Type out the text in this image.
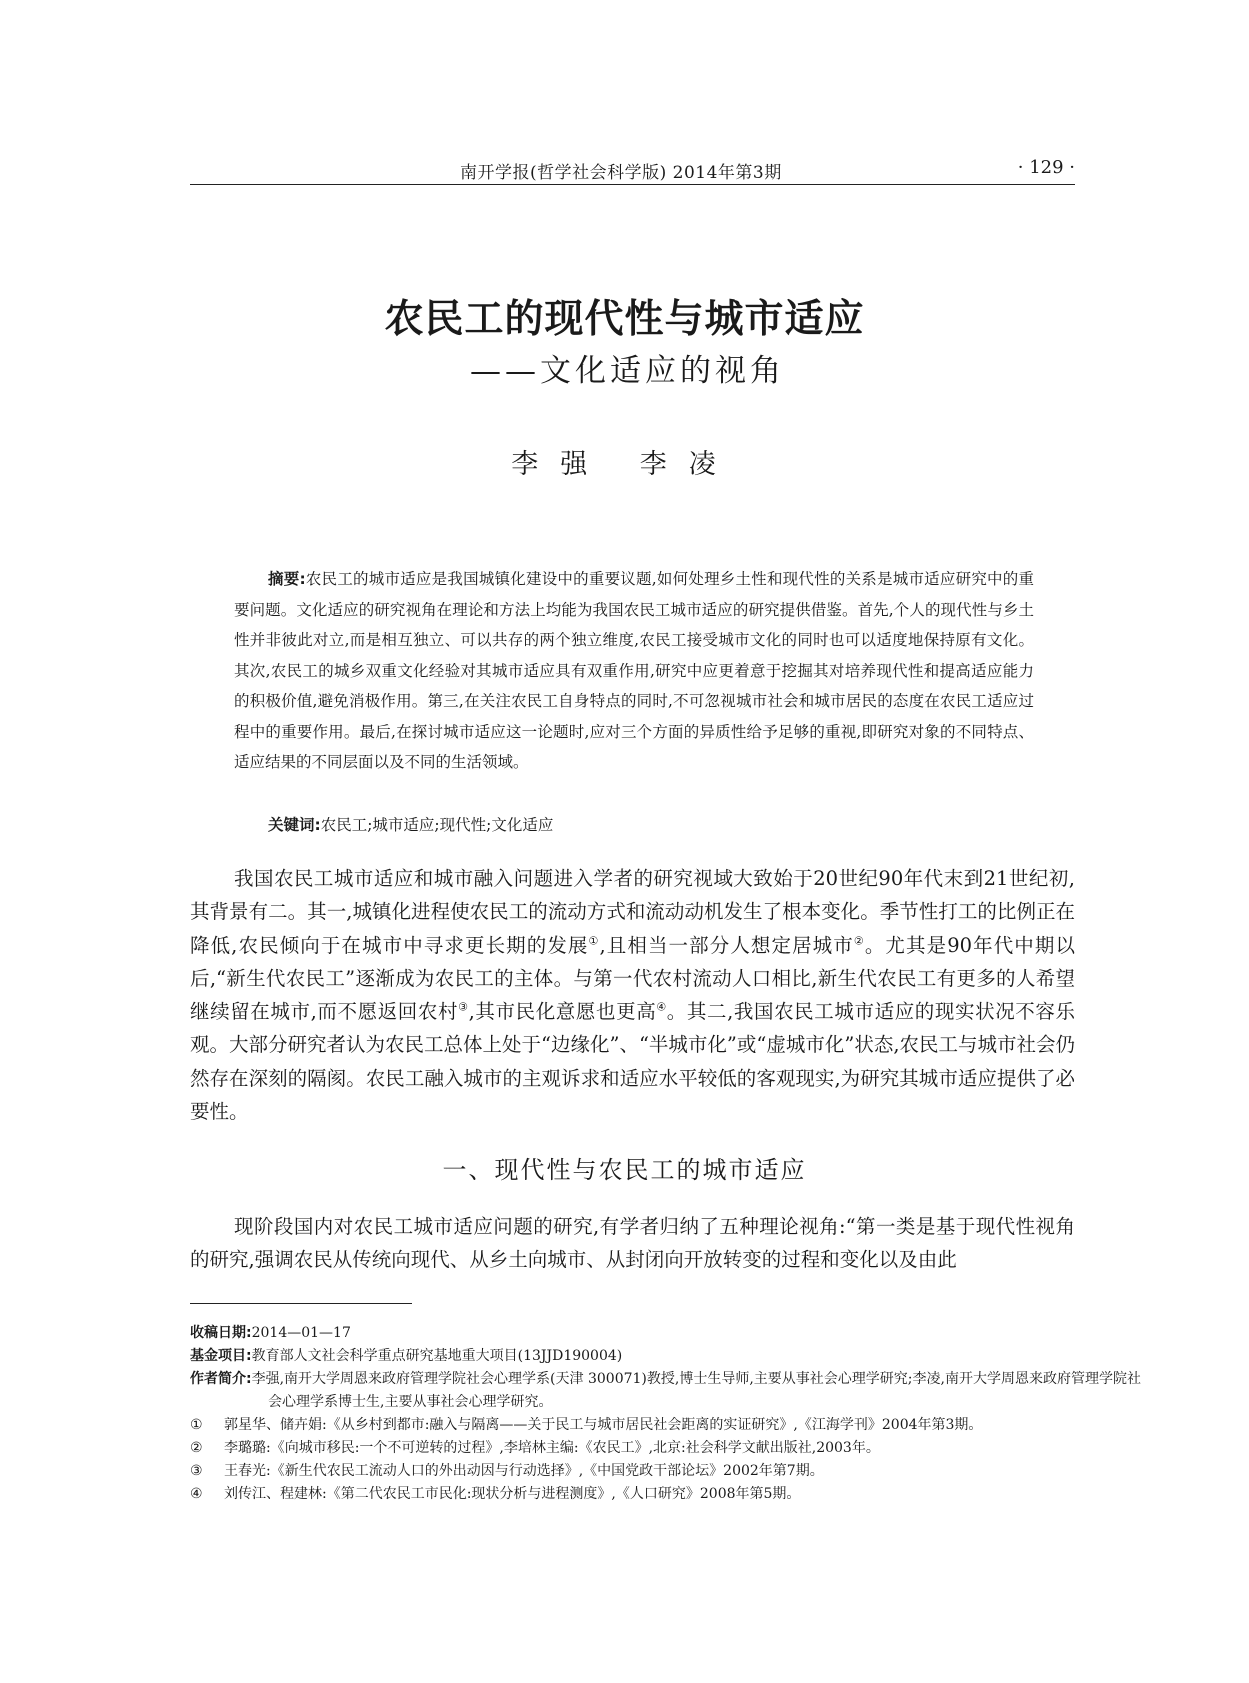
南开学报(哲学社会科学版) 2014年第3期	· 129 ·
农民工的现代性与城市适应
——文化适应的视角
李强 李凌

摘要:农民工的城市适应是我国城镇化建设中的重要议题,如何处理乡土性和现代性的关系是城市适应研究中的重要问题。文化适应的研究视角在理论和方法上均能为我国农民工城市适应的研究提供借鉴。首先,个人的现代性与乡土性并非彼此对立,而是相互独立、可以共存的两个独立维度,农民工接受城市文化的同时也可以适度地保持原有文化。其次,农民工的城乡双重文化经验对其城市适应具有双重作用,研究中应更着意于挖掘其对培养现代性和提高适应能力的积极价值,避免消极作用。第三,在关注农民工自身特点的同时,不可忽视城市社会和城市居民的态度在农民工适应过程中的重要作用。最后,在探讨城市适应这一论题时,应对三个方面的异质性给予足够的重视,即研究对象的不同特点、适应结果的不同层面以及不同的生活领域。

关键词:农民工;城市适应;现代性;文化适应

我国农民工城市适应和城市融入问题进入学者的研究视域大致始于20世纪90年代末到21世纪初,其背景有二。其一,城镇化进程使农民工的流动方式和流动动机发生了根本变化。季节性打工的比例正在降低,农民倾向于在城市中寻求更长期的发展①,且相当一部分人想定居城市②。尤其是90年代中期以后,“新生代农民工”逐渐成为农民工的主体。与第一代农村流动人口相比,新生代农民工有更多的人希望继续留在城市,而不愿返回农村③,其市民化意愿也更高④。其二,我国农民工城市适应的现实状况不容乐观。大部分研究者认为农民工总体上处于“边缘化”、“半城市化”或“虚城市化”状态,农民工与城市社会仍然存在深刻的隔阂。农民工融入城市的主观诉求和适应水平较低的客观现实,为研究其城市适应提供了必要性。

一、现代性与农民工的城市适应

现阶段国内对农民工城市适应问题的研究,有学者归纳了五种理论视角:“第一类是基于现代性视角的研究,强调农民从传统向现代、从乡土向城市、从封闭向开放转变的过程和变化以及由此

收稿日期:2014—01—17
基金项目:教育部人文社会科学重点研究基地重大项目(13JJD190004)
作者简介:李强,南开大学周恩来政府管理学院社会心理学系(天津 300071)教授,博士生导师,主要从事社会心理学研究;李凌,南开大学周恩来政府管理学院社会心理学系博士生,主要从事社会心理学研究。
① 郭星华、储卉娟:《从乡村到都市:融入与隔离——关于民工与城市居民社会距离的实证研究》,《江海学刊》2004年第3期。
② 李璐璐:《向城市移民:一个不可逆转的过程》,李培林主编:《农民工》,北京:社会科学文献出版社,2003年。
③ 王春光:《新生代农民工流动人口的外出动因与行动选择》,《中国党政干部论坛》2002年第7期。
④ 刘传江、程建林:《第二代农民工市民化:现状分析与进程测度》,《人口研究》2008年第5期。
